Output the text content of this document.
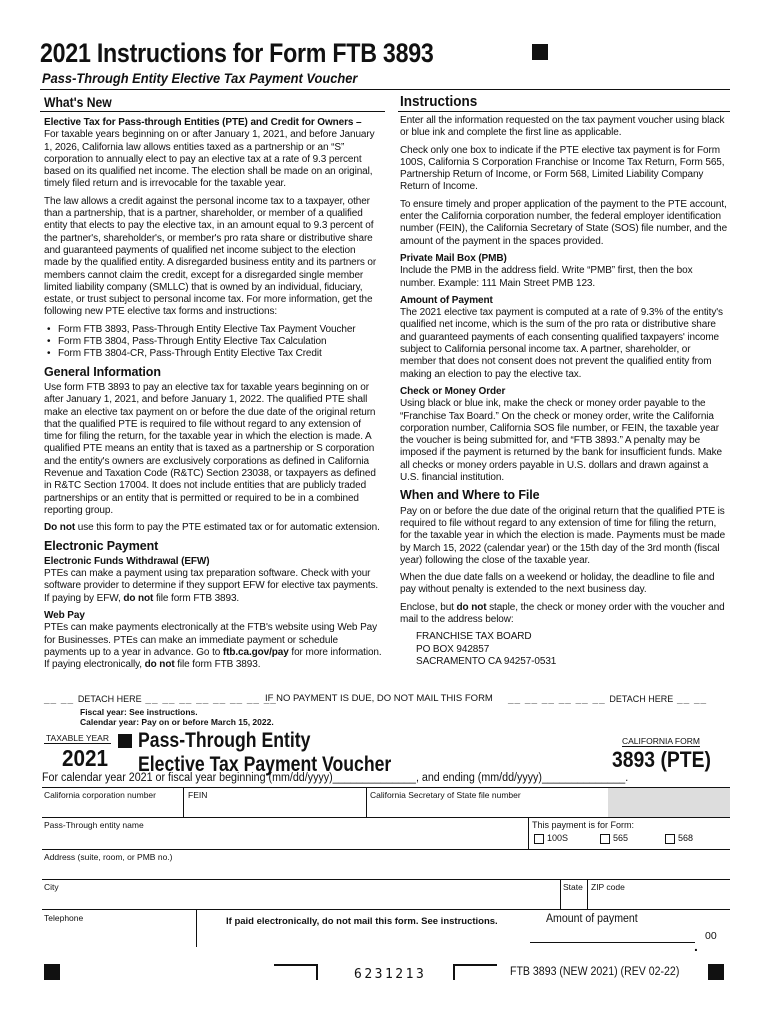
2021 Instructions for Form FTB 3893
Pass-Through Entity Elective Tax Payment Voucher
What's New

Elective Tax for Pass-through Entities (PTE) and Credit for Owners –

For taxable years beginning on or after January 1, 2021, and before January 1, 2026, California law allows entities taxed as a partnership or an “S” corporation to annually elect to pay an elective tax at a rate of 9.3 percent based on its qualified net income. The election shall be made on an original, timely filed return and is irrevocable for the taxable year.

The law allows a credit against the personal income tax to a taxpayer, other than a partnership, that is a partner, shareholder, or member of a qualified entity that elects to pay the elective tax, in an amount equal to 9.3 percent of the partner's, shareholder's, or member's pro rata share or distributive share and guaranteed payments of qualified net income subject to the election made by the qualified entity. A disregarded business entity and its partners or members cannot claim the credit, except for a disregarded single member limited liability company (SMLLC) that is owned by an individual, fiduciary, estate, or trust subject to personal income tax. For more information, get the following new PTE elective tax forms and instructions:

• Form FTB 3893, Pass-Through Entity Elective Tax Payment Voucher
• Form FTB 3804, Pass-Through Entity Elective Tax Calculation
• Form FTB 3804-CR, Pass-Through Entity Elective Tax Credit

General Information

Use form FTB 3893 to pay an elective tax for taxable years beginning on or after January 1, 2021, and before January 1, 2022. The qualified PTE shall make an elective tax payment on or before the due date of the original return that the qualified PTE is required to file without regard to any extension of time for filing the return, for the taxable year in which the election is made. A qualified PTE means an entity that is taxed as a partnership or S corporation and the entity's owners are exclusively corporations as defined in California Revenue and Taxation Code (R&TC) Section 23038, or taxpayers as defined in R&TC Section 17004. It does not include entities that are publicly traded partnerships or an entity that is permitted or required to be in a combined reporting group.

Do not use this form to pay the PTE estimated tax or for automatic extension.

Electronic Payment

Electronic Funds Withdrawal (EFW)

PTEs can make a payment using tax preparation software. Check with your software provider to determine if they support EFW for elective tax payments. If paying by EFW, do not file form FTB 3893.

Web Pay

PTEs can make payments electronically at the FTB's website using Web Pay for Businesses. PTEs can make an immediate payment or schedule payments up to a year in advance. Go to ftb.ca.gov/pay for more information. If paying electronically, do not file form FTB 3893.

Instructions

Enter all the information requested on the tax payment voucher using black or blue ink and complete the first line as applicable.

Check only one box to indicate if the PTE elective tax payment is for Form 100S, California S Corporation Franchise or Income Tax Return, Form 565, Partnership Return of Income, or Form 568, Limited Liability Company Return of Income.

To ensure timely and proper application of the payment to the PTE account, enter the California corporation number, the federal employer identification number (FEIN), the California Secretary of State (SOS) file number, and the amount of the payment in the spaces provided.

Private Mail Box (PMB)

Include the PMB in the address field. Write “PMB” first, then the box number. Example: 111 Main Street PMB 123.

Amount of Payment

The 2021 elective tax payment is computed at a rate of 9.3% of the entity's qualified net income, which is the sum of the pro rata or distributive share and guaranteed payments of each consenting qualified taxpayers' income subject to California personal income tax. A partner, shareholder, or member that does not consent does not prevent the qualified entity from making an election to pay the elective tax.

Check or Money Order

Using black or blue ink, make the check or money order payable to the “Franchise Tax Board.” On the check or money order, write the California corporation number, California SOS file number, or FEIN, the taxable year the voucher is being submitted for, and “FTB 3893.” A penalty may be imposed if the payment is returned by the bank for insufficient funds. Make all checks or money orders payable in U.S. dollars and drawn against a U.S. financial institution.

When and Where to File

Pay on or before the due date of the original return that the qualified PTE is required to file without regard to any extension of time for filing the return, for the taxable year in which the election is made. Payments must be made by March 15, 2022 (calendar year) or the 15th day of the 3rd month (fiscal year) following the close of the taxable year.

When the due date falls on a weekend or holiday, the deadline to file and pay without penalty is extended to the next business day.

Enclose, but do not staple, the check or money order with the voucher and mail to the address below:

FRANCHISE TAX BOARD
PO BOX 942857
SACRAMENTO CA 94257-0531
__ __ DETACH HERE __ __ __ __ __ __ __ __
IF NO PAYMENT IS DUE, DO NOT MAIL THIS FORM __ __ __ __ __ __ DETACH HERE __ __
Fiscal year: See instructions.
Calendar year: Pay on or before March 15, 2022.
TAXABLE YEAR
2021
Pass-Through Entity
Elective Tax Payment Voucher
CALIFORNIA FORM
3893 (PTE)
For calendar year 2021 or fiscal year beginning (mm/dd/yyyy)______________, and ending (mm/dd/yyyy)______________.
California corporation number	FEIN	California Secretary of State file number
Pass-Through entity name	This payment is for Form:
100S	565	568
Address (suite, room, or PMB no.)
City	State ZIP code
Telephone	If paid electronically, do not mail this form. See instructions.	Amount of payment
.
00
6231213	FTB 3893 (NEW 2021) (REV 02-22)
